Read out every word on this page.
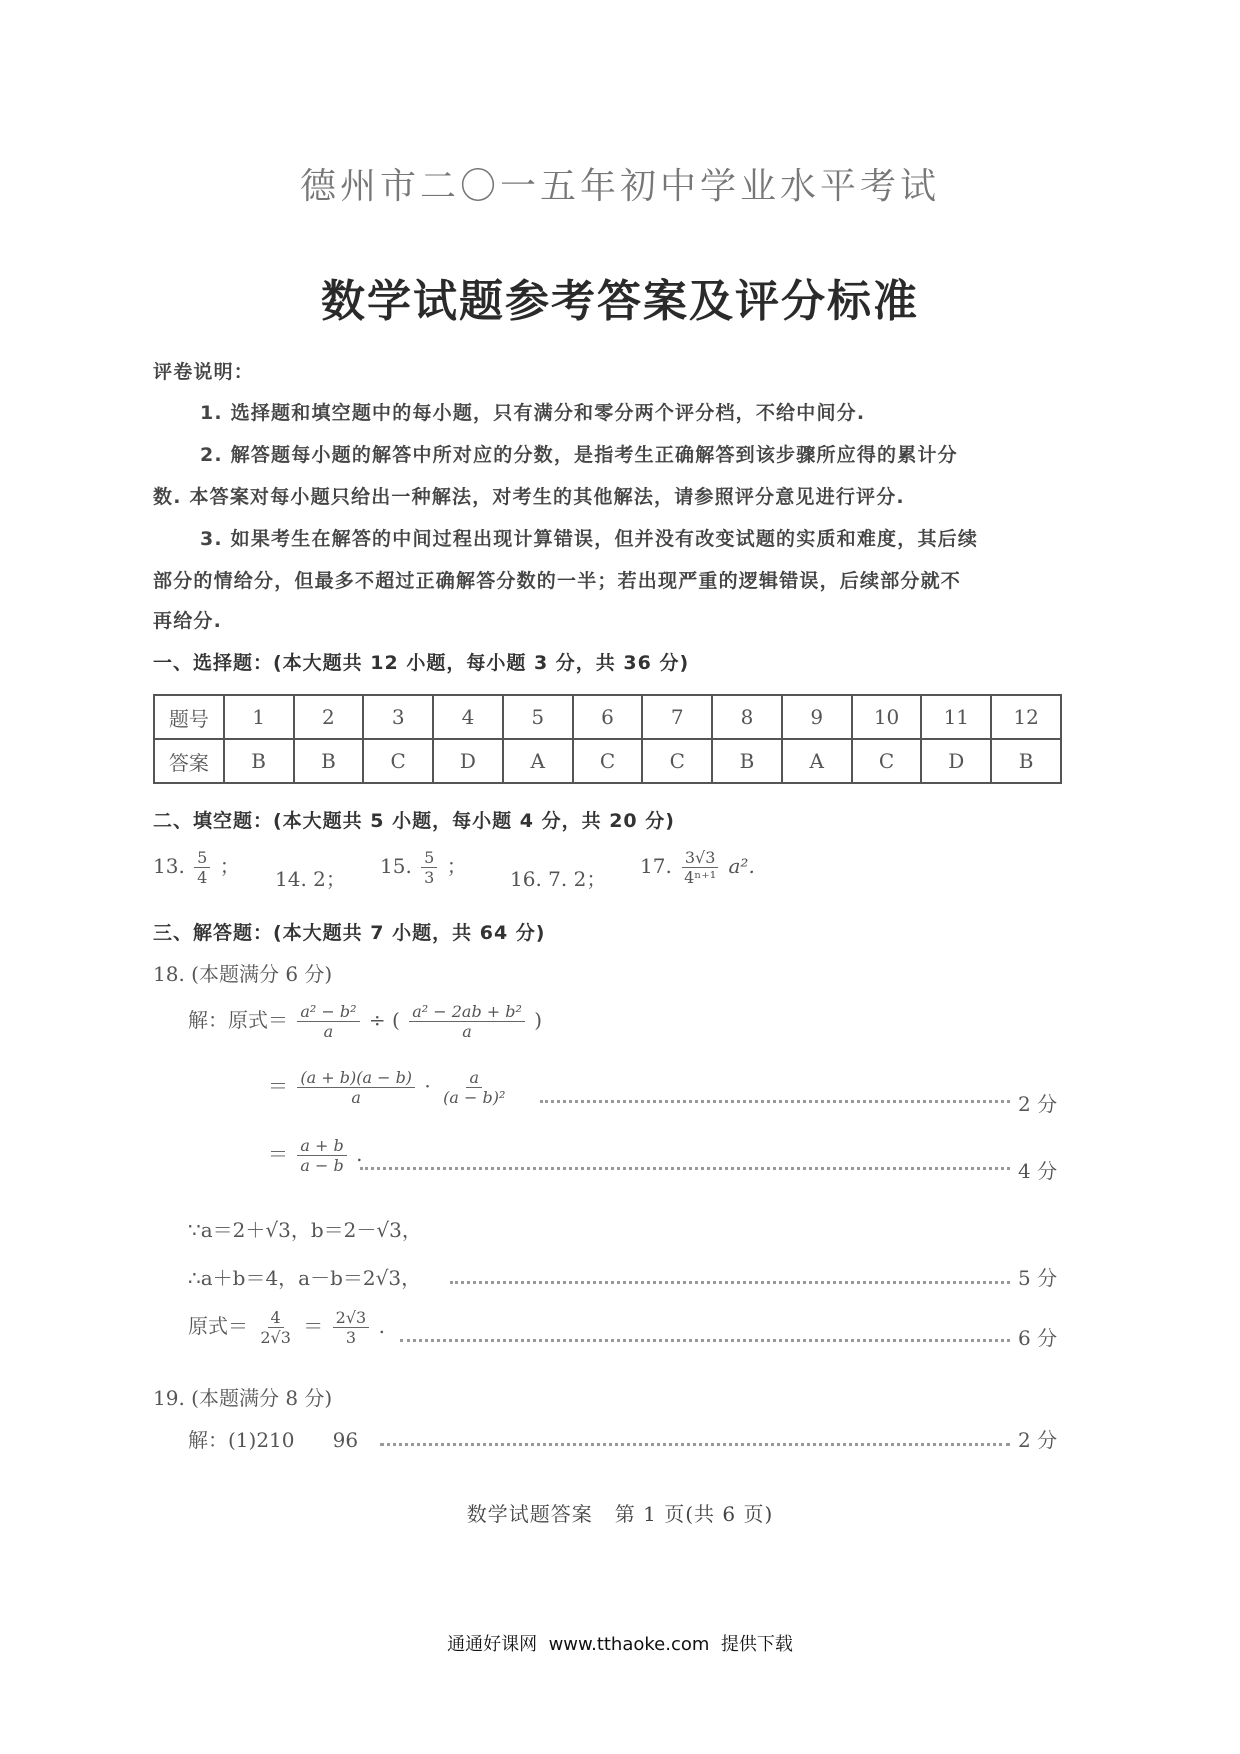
德州市二〇一五年初中学业水平考试
数学试题参考答案及评分标准
评卷说明：
1. 选择题和填空题中的每小题，只有满分和零分两个评分档，不给中间分.
2. 解答题每小题的解答中所对应的分数，是指考生正确解答到该步骤所应得的累计分
数. 本答案对每小题只给出一种解法，对考生的其他解法，请参照评分意见进行评分.
3. 如果考生在解答的中间过程出现计算错误，但并没有改变试题的实质和难度，其后续
部分的情给分，但最多不超过正确解答分数的一半；若出现严重的逻辑错误，后续部分就不
再给分.
一、选择题：(本大题共 12 小题，每小题 3 分，共 36 分)
题号	1	2	3	4	5	6	7	8	9	10	11	12
答案	B	B	C	D	A	C	C	B	A	C	D	B
二、填空题：(本大题共 5 小题，每小题 4 分，共 20 分)
13. $\frac{5}{4}$ ；
14. 2；
15. $\frac{5}{3}$ ；
16. 7. 2；
17. $\frac{3√3}{\text{4ⁿ⁺¹}} a^2$.
三、解答题：(本大题共 7 小题，共 64 分)
18. (本题满分 6 分)
解：原式＝ $\frac{\text{a² − b²}}{a}$ ÷ ( $\frac{\text{a² − 2ab + b²}}{a}$ )
＝ $\frac{(a + b)(a - b)}{a} \cdot \frac{a}{\text{(a − b)²}}$	2 分
＝ $\frac{a + b}{a - b}$ .
4 分
∵a＝2＋√3，b＝2－√3，
∴a＋b＝4，a－b＝2√3，	5 分
原式＝ $\frac{4}{2√3} = \frac{2√3}{3}$ .	6 分
19. (本题满分 8 分)
解：(1)210      96	2 分
数学试题答案   第 1 页(共 6 页)
通通好课网  www.tthaoke.com  提供下载
